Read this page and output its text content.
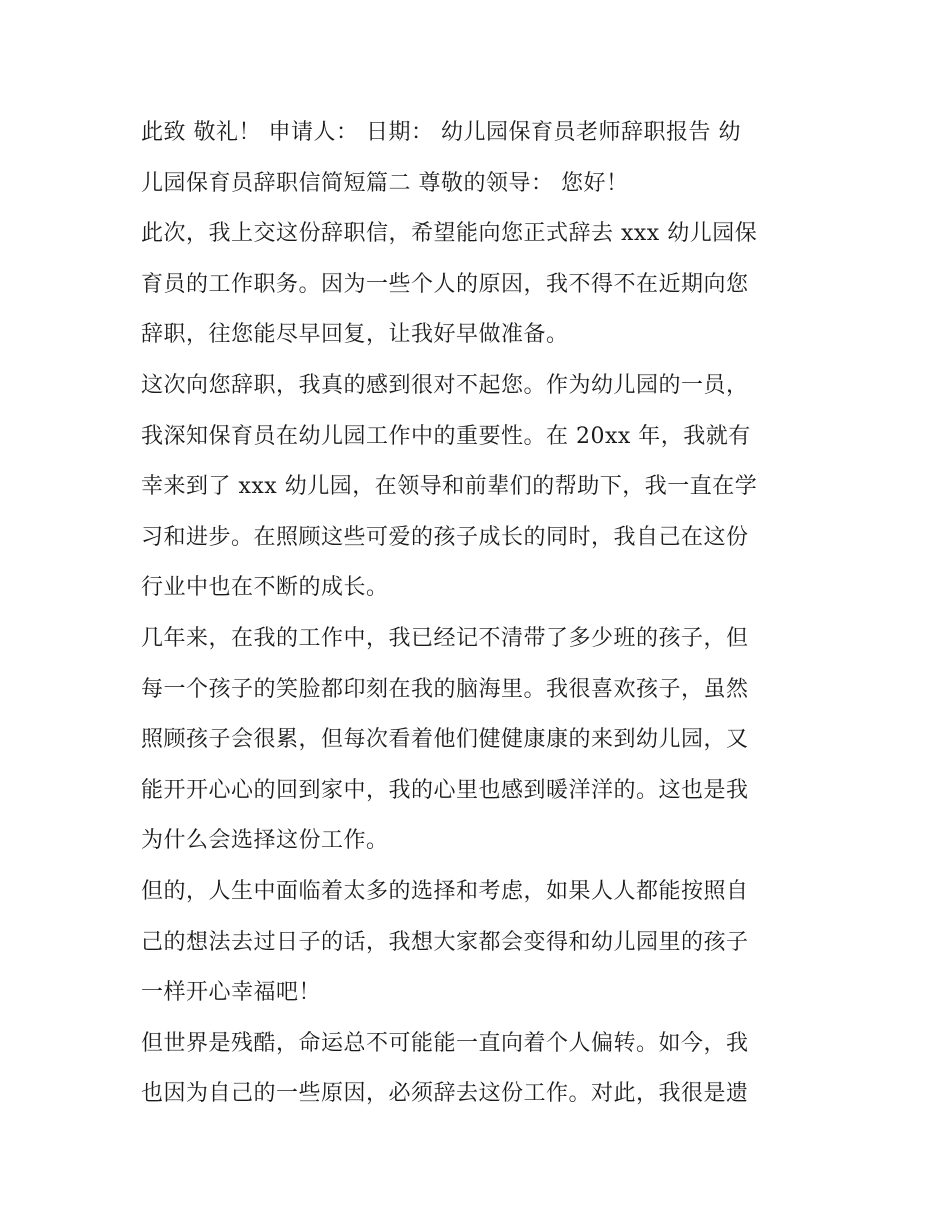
此致 敬礼！ 申请人： 日期： 幼儿园保育员老师辞职报告 幼
儿园保育员辞职信简短篇二 尊敬的领导： 您好！
此次，我上交这份辞职信，希望能向您正式辞去 xxx 幼儿园保
育员的工作职务。因为一些个人的原因，我不得不在近期向您
辞职，往您能尽早回复，让我好早做准备。
这次向您辞职，我真的感到很对不起您。作为幼儿园的一员，
我深知保育员在幼儿园工作中的重要性。在 20xx 年，我就有
幸来到了 xxx 幼儿园，在领导和前辈们的帮助下，我一直在学
习和进步。在照顾这些可爱的孩子成长的同时，我自己在这份
行业中也在不断的成长。
几年来，在我的工作中，我已经记不清带了多少班的孩子，但
每一个孩子的笑脸都印刻在我的脑海里。我很喜欢孩子，虽然
照顾孩子会很累，但每次看着他们健健康康的来到幼儿园，又
能开开心心的回到家中，我的心里也感到暖洋洋的。这也是我
为什么会选择这份工作。
但的，人生中面临着太多的选择和考虑，如果人人都能按照自
己的想法去过日子的话，我想大家都会变得和幼儿园里的孩子
一样开心幸福吧！
但世界是残酷，命运总不可能能一直向着个人偏转。如今，我
也因为自己的一些原因，必须辞去这份工作。对此，我很是遗
